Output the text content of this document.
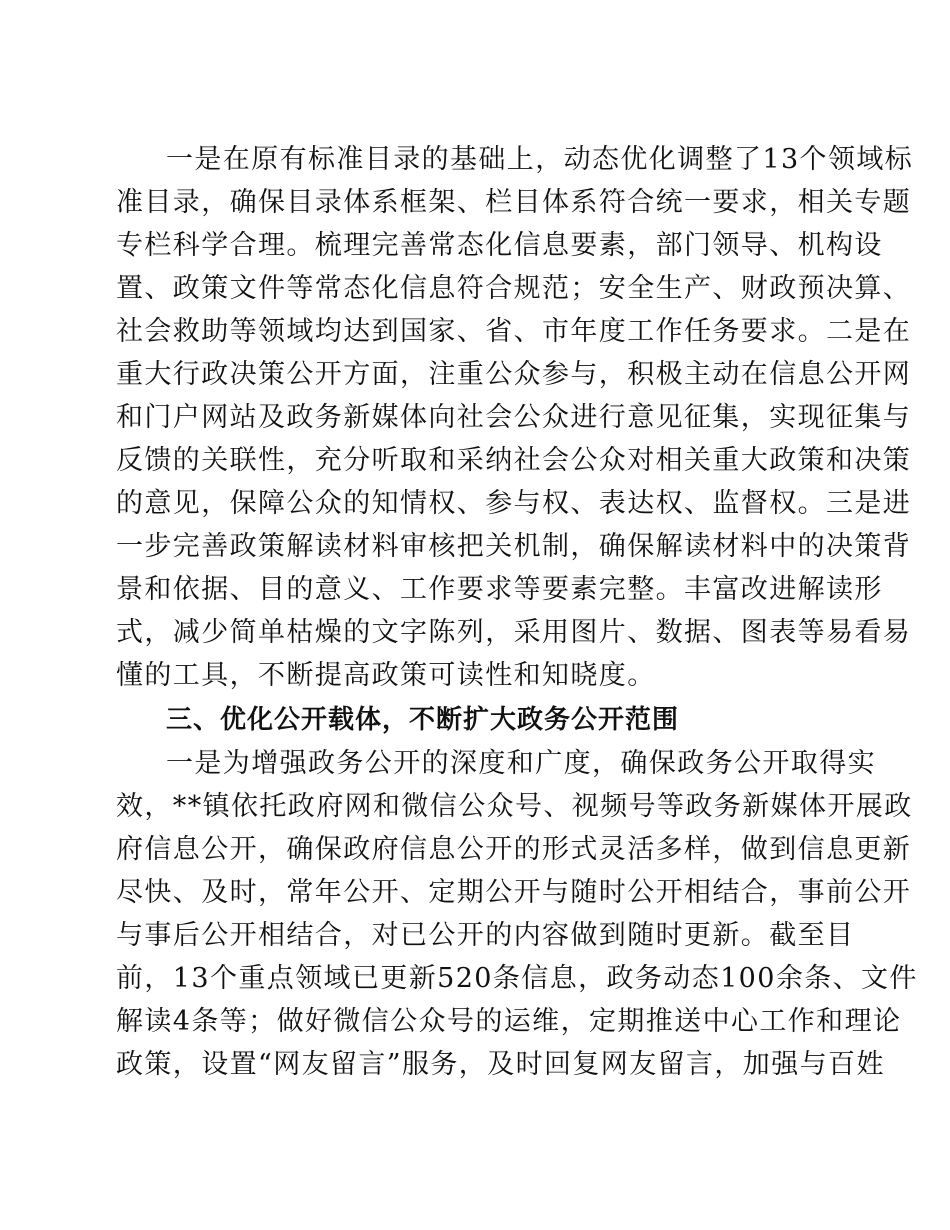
一是在原有标准目录的基础上，动态优化调整了13个领域标
准目录，确保目录体系框架、栏目体系符合统一要求，相关专题
专栏科学合理。梳理完善常态化信息要素，部门领导、机构设
置、政策文件等常态化信息符合规范；安全生产、财政预决算、
社会救助等领域均达到国家、省、市年度工作任务要求。二是在
重大行政决策公开方面，注重公众参与，积极主动在信息公开网
和门户网站及政务新媒体向社会公众进行意见征集，实现征集与
反馈的关联性，充分听取和采纳社会公众对相关重大政策和决策
的意见，保障公众的知情权、参与权、表达权、监督权。三是进
一步完善政策解读材料审核把关机制，确保解读材料中的决策背
景和依据、目的意义、工作要求等要素完整。丰富改进解读形
式，减少简单枯燥的文字陈列，采用图片、数据、图表等易看易
懂的工具，不断提高政策可读性和知晓度。
三、优化公开载体，不断扩大政务公开范围
一是为增强政务公开的深度和广度，确保政务公开取得实
效，**镇依托政府网和微信公众号、视频号等政务新媒体开展政
府信息公开，确保政府信息公开的形式灵活多样，做到信息更新
尽快、及时，常年公开、定期公开与随时公开相结合，事前公开
与事后公开相结合，对已公开的内容做到随时更新。截至目
前，13个重点领域已更新520条信息，政务动态100余条、文件
解读4条等；做好微信公众号的运维，定期推送中心工作和理论
政策，设置“网友留言”服务，及时回复网友留言，加强与百姓
